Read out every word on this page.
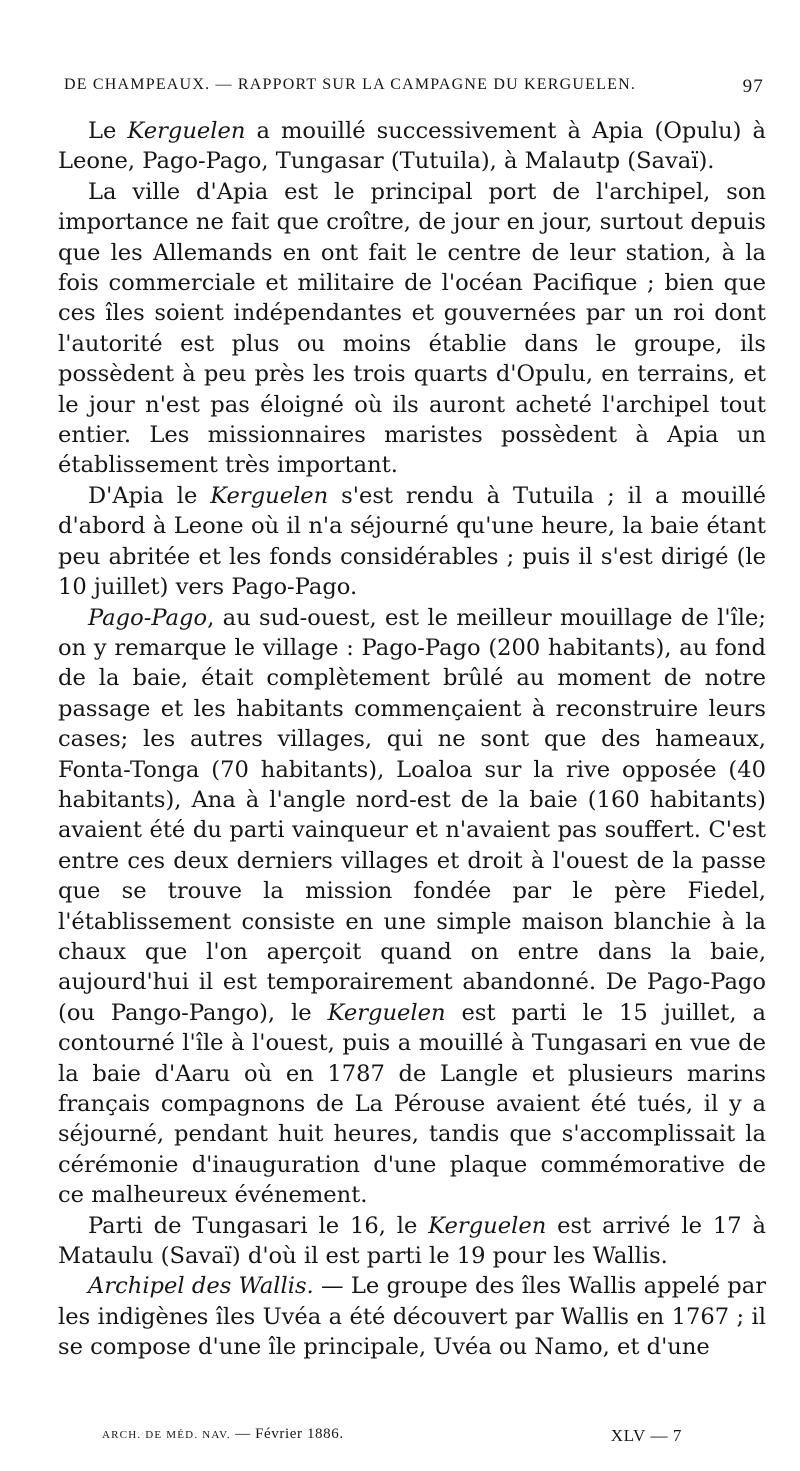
DE CHAMPEAUX. — RAPPORT SUR LA CAMPAGNE DU KERGUELEN.	97

Le Kerguelen a mouillé successivement à Apia (Opulu) à Leone, Pago-Pago, Tungasar (Tutuila), à Malautp (Savaï).

La ville d'Apia est le principal port de l'archipel, son importance ne fait que croître, de jour en jour, surtout depuis que les Allemands en ont fait le centre de leur station, à la fois commerciale et militaire de l'océan Pacifique ; bien que ces îles soient indépendantes et gouvernées par un roi dont l'autorité est plus ou moins établie dans le groupe, ils possèdent à peu près les trois quarts d'Opulu, en terrains, et le jour n'est pas éloigné où ils auront acheté l'archipel tout entier. Les missionnaires maristes possèdent à Apia un établissement très important.

D'Apia le Kerguelen s'est rendu à Tutuila ; il a mouillé d'abord à Leone où il n'a séjourné qu'une heure, la baie étant peu abritée et les fonds considérables ; puis il s'est dirigé (le 10 juillet) vers Pago-Pago.

Pago-Pago, au sud-ouest, est le meilleur mouillage de l'île; on y remarque le village : Pago-Pago (200 habitants), au fond de la baie, était complètement brûlé au moment de notre passage et les habitants commençaient à reconstruire leurs cases; les autres villages, qui ne sont que des hameaux, Fonta-Tonga (70 habitants), Loaloa sur la rive opposée (40 habitants), Ana à l'angle nord-est de la baie (160 habitants) avaient été du parti vainqueur et n'avaient pas souffert. C'est entre ces deux derniers villages et droit à l'ouest de la passe que se trouve la mission fondée par le père Fiedel, l'établissement consiste en une simple maison blanchie à la chaux que l'on aperçoit quand on entre dans la baie, aujourd'hui il est temporairement abandonné. De Pago-Pago (ou Pango-Pango), le Kerguelen est parti le 15 juillet, a contourné l'île à l'ouest, puis a mouillé à Tungasari en vue de la baie d'Aaru où en 1787 de Langle et plusieurs marins français compagnons de La Pérouse avaient été tués, il y a séjourné, pendant huit heures, tandis que s'accomplissait la cérémonie d'inauguration d'une plaque commémorative de ce malheureux événement.

Parti de Tungasari le 16, le Kerguelen est arrivé le 17 à Mataulu (Savaï) d'où il est parti le 19 pour les Wallis.

Archipel des Wallis. — Le groupe des îles Wallis appelé par les indigènes îles Uvéa a été découvert par Wallis en 1767 ; il se compose d'une île principale, Uvéa ou Namo, et d'une

ARCH. DE MÉD. NAV. — Février 1886.	XLV — 7
